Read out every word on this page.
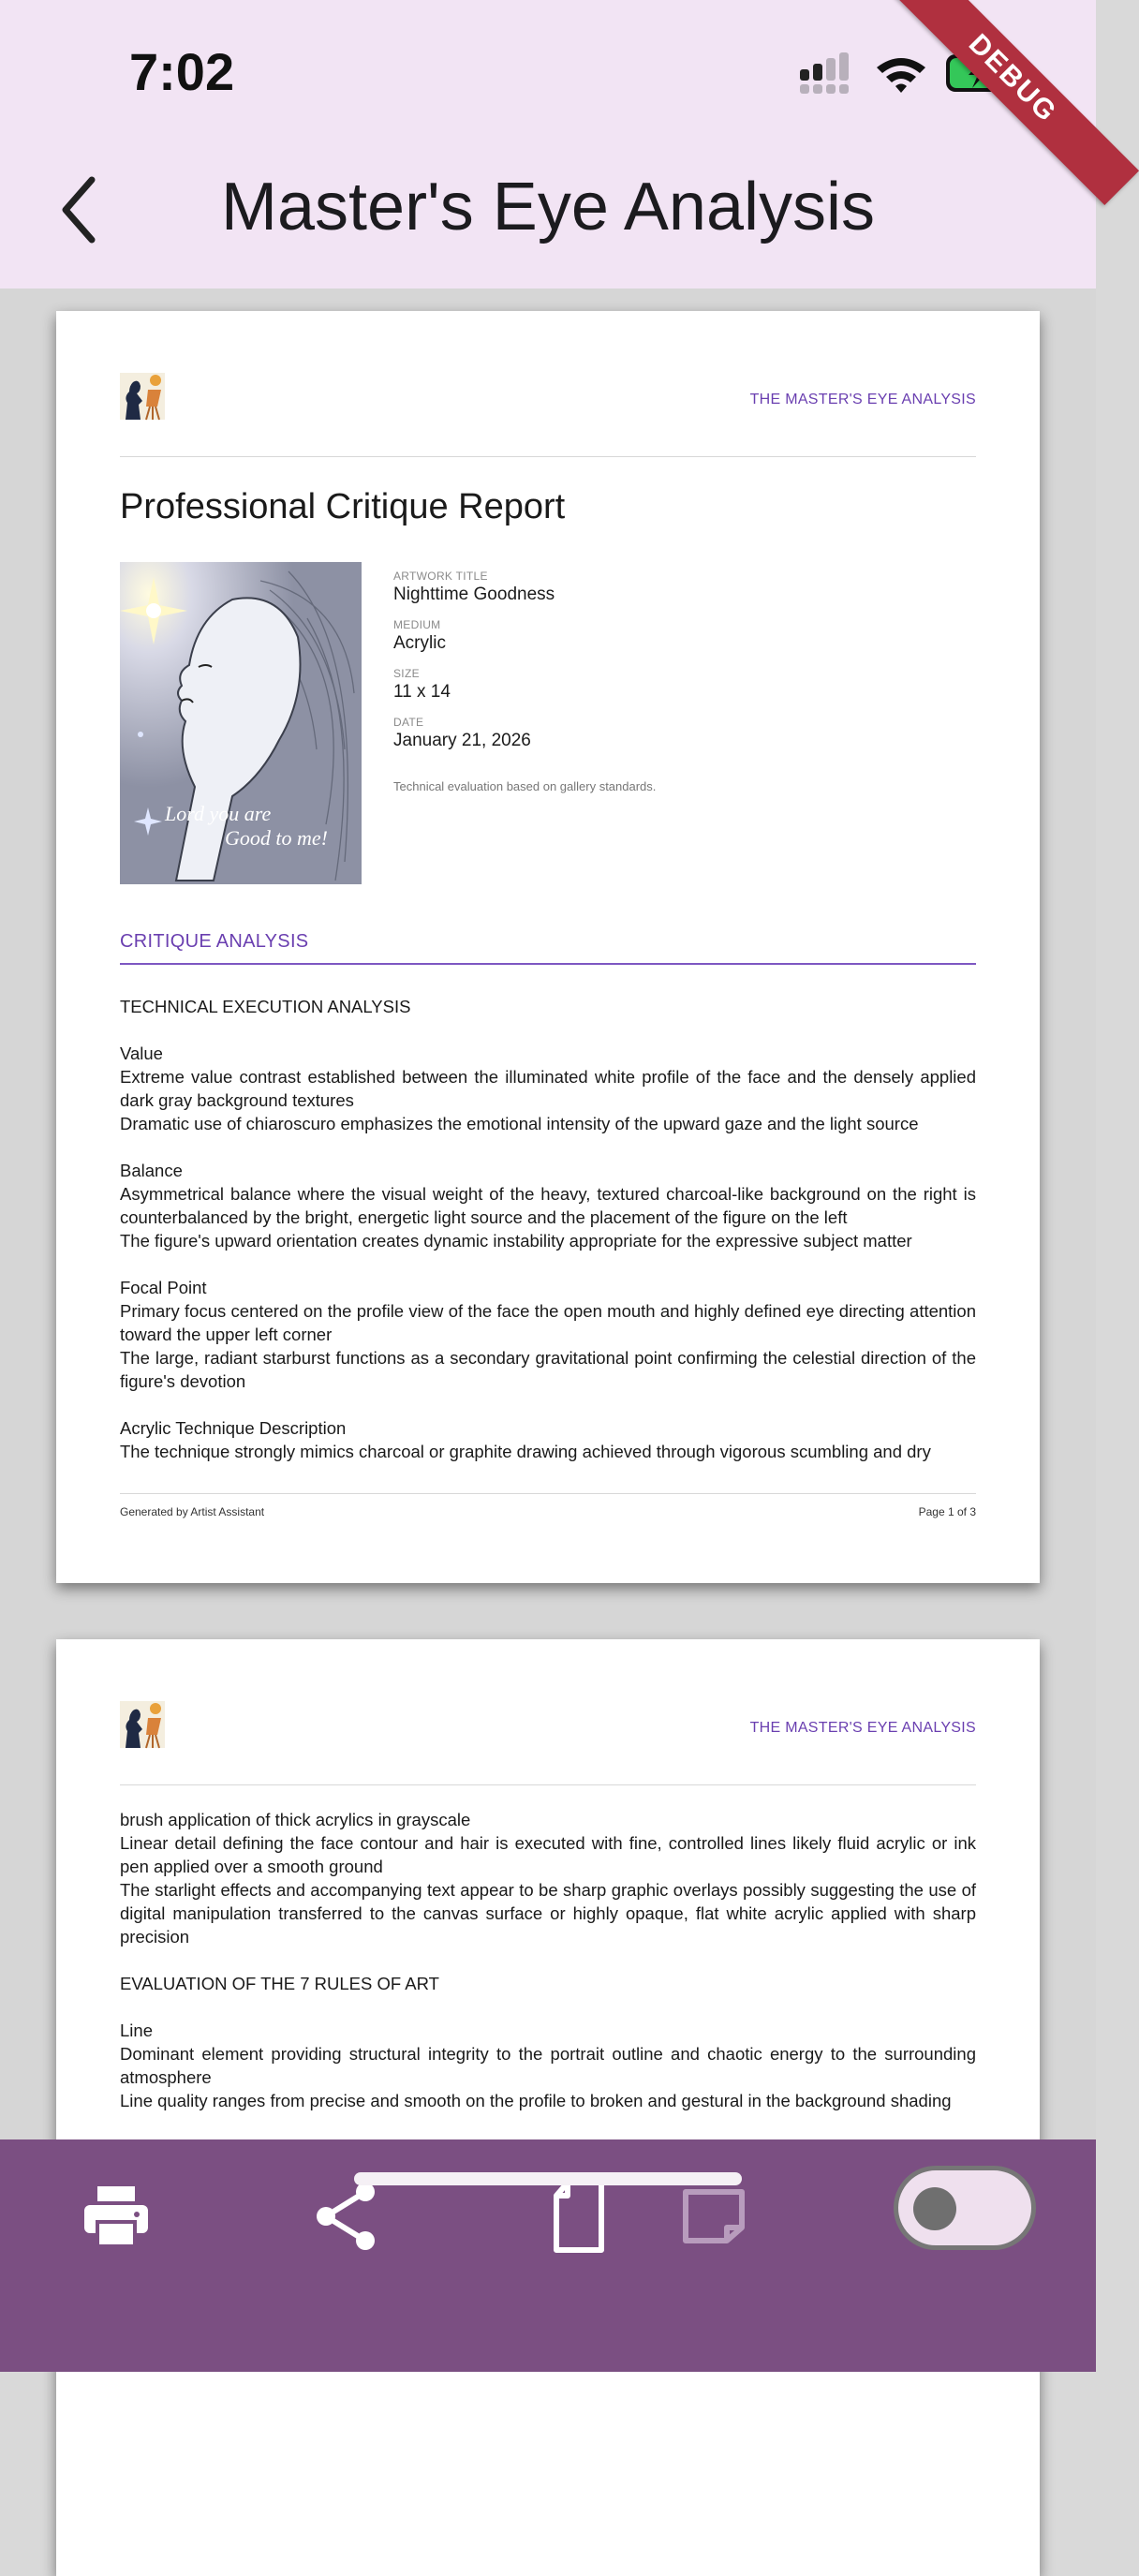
7:02
Master's Eye Analysis
DEBUG
THE MASTER'S EYE ANALYSIS
Professional Critique Report
Lord you are
Good to me!
ARTWORK TITLE
Nighttime Goodness
MEDIUM
Acrylic
SIZE
11 x 14
DATE
January 21, 2026
Technical evaluation based on gallery standards.
CRITIQUE ANALYSIS

TECHNICAL EXECUTION ANALYSIS

Value

Extreme value contrast established between the illuminated white profile of the face and the densely applied dark gray background textures

Dramatic use of chiaroscuro emphasizes the emotional intensity of the upward gaze and the light source

Balance

Asymmetrical balance where the visual weight of the heavy, textured charcoal-like background on the right is counterbalanced by the bright, energetic light source and the placement of the figure on the left

The figure's upward orientation creates dynamic instability appropriate for the expressive subject matter

Focal Point

Primary focus centered on the profile view of the face the open mouth and highly defined eye directing attention toward the upper left corner

The large, radiant starburst functions as a secondary gravitational point confirming the celestial direction of the figure's devotion

Acrylic Technique Description

The technique strongly mimics charcoal or graphite drawing achieved through vigorous scumbling and dry

Generated by Artist Assistant	Page 1 of 3
THE MASTER'S EYE ANALYSIS

brush application of thick acrylics in grayscale

Linear detail defining the face contour and hair is executed with fine, controlled lines likely fluid acrylic or ink pen applied over a smooth ground

The starlight effects and accompanying text appear to be sharp graphic overlays possibly suggesting the use of digital manipulation transferred to the canvas surface or highly opaque, flat white acrylic applied with sharp precision

EVALUATION OF THE 7 RULES OF ART

Line

Dominant element providing structural integrity to the portrait outline and chaotic energy to the surrounding atmosphere

Line quality ranges from precise and smooth on the profile to broken and gestural in the background shading
